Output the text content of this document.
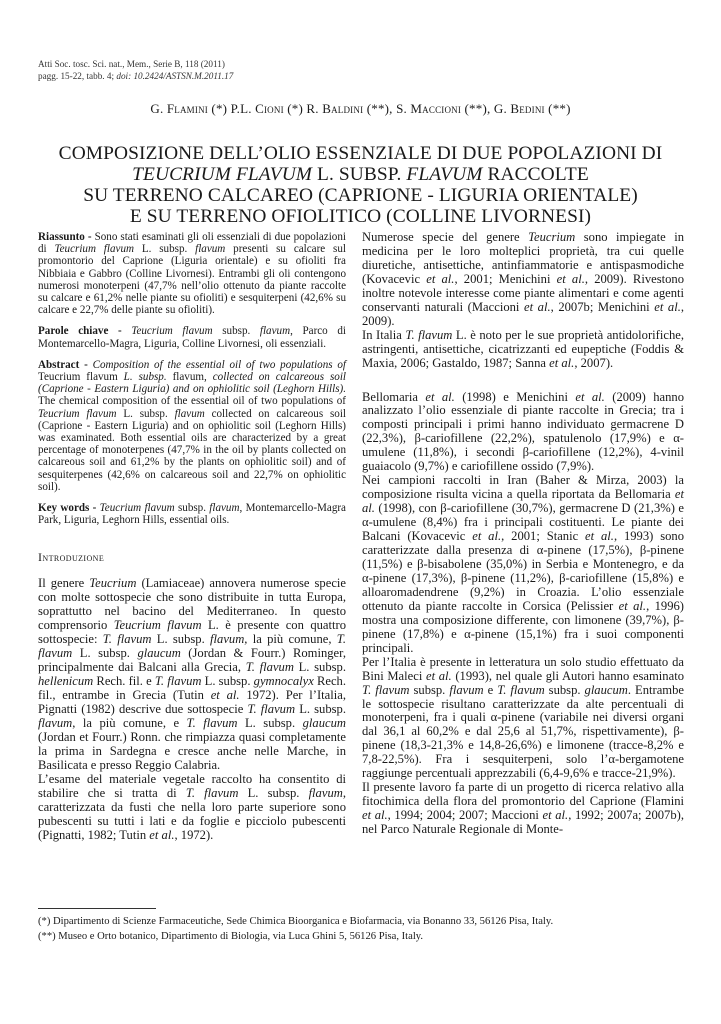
Atti Soc. tosc. Sci. nat., Mem., Serie B, 118 (2011)
pagg. 15-22, tabb. 4; doi: 10.2424/ASTSN.M.2011.17
G. Flamini (*) P.L. Cioni (*) R. Baldini (**), S. Maccioni (**), G. Bedini (**)
COMPOSIZIONE DELL’OLIO ESSENZIALE DI DUE POPOLAZIONI DI
TEUCRIUM FLAVUM L. SUBSP. FLAVUM RACCOLTE
SU TERRENO CALCAREO (CAPRIONE - LIGURIA ORIENTALE)
E SU TERRENO OFIOLITICO (COLLINE LIVORNESI)

Riassunto - Sono stati esaminati gli oli essenziali di due popolazioni di Teucrium flavum L. subsp. flavum presenti su calcare sul promontorio del Caprione (Liguria orientale) e su ofioliti fra Nibbiaia e Gabbro (Colline Livornesi). Entrambi gli oli contengono numerosi monoterpeni (47,7% nell’olio ottenuto da piante raccolte su calcare e 61,2% nelle piante su ofioliti) e sesquiterpeni (42,6% su calcare e 22,7% delle piante su ofioliti).

Parole chiave - Teucrium flavum subsp. flavum, Parco di Montemarcello-Magra, Liguria, Colline Livornesi, oli essenziali.

Abstract - Composition of the essential oil of two populations of Teucrium flavum L. subsp. flavum, collected on calcareous soil (Caprione - Eastern Liguria) and on ophiolitic soil (Leghorn Hills). The chemical composition of the essential oil of two populations of Teucrium flavum L. subsp. flavum collected on calcareous soil (Caprione - Eastern Liguria) and on ophiolitic soil (Leghorn Hills) was examinated. Both essential oils are characterized by a great percentage of monoterpenes (47,7% in the oil by plants collected on calcareous soil and 61,2% by the plants on ophiolitic soil) and of sesquiterpenes (42,6% on calcareous soil and 22,7% on ophiolitic soil).

Key words - Teucrium flavum subsp. flavum, Montemarcello-Magra Park, Liguria, Leghorn Hills, essential oils.

Introduzione

Il genere Teucrium (Lamiaceae) annovera numerose specie con molte sottospecie che sono distribuite in tutta Europa, soprattutto nel bacino del Mediterraneo. In questo comprensorio Teucrium flavum L. è presente con quattro sottospecie: T. flavum L. subsp. flavum, la più comune, T. flavum L. subsp. glaucum (Jordan & Fourr.) Rominger, principalmente dai Balcani alla Grecia, T. flavum L. subsp. hellenicum Rech. fil. e T. flavum L. subsp. gymnocalyx Rech. fil., entrambe in Grecia (Tutin et al. 1972). Per l’Italia, Pignatti (1982) descrive due sottospecie T. flavum L. subsp. flavum, la più comune, e T. flavum L. subsp. glaucum (Jordan et Fourr.) Ronn. che rimpiazza quasi completamente la prima in Sardegna e cresce anche nelle Marche, in Basilicata e presso Reggio Calabria.

L’esame del materiale vegetale raccolto ha consentito di stabilire che si tratta di T. flavum L. subsp. flavum, caratterizzata da fusti che nella loro parte superiore sono pubescenti su tutti i lati e da foglie e picciolo pubescenti (Pignatti, 1982; Tutin et al., 1972).

Numerose specie del genere Teucrium sono impiegate in medicina per le loro molteplici proprietà, tra cui quelle diuretiche, antisettiche, antinfiammatorie e antispasmodiche (Kovacevic et al., 2001; Menichini et al., 2009). Rivestono inoltre notevole interesse come piante alimentari e come agenti conservanti naturali (Maccioni et al., 2007b; Menichini et al., 2009).

In Italia T. flavum L. è noto per le sue proprietà antidolorifiche, astringenti, antisettiche, cicatrizzanti ed eupeptiche (Foddis & Maxia, 2006; Gastaldo, 1987; Sanna et al., 2007).

Bellomaria et al. (1998) e Menichini et al. (2009) hanno analizzato l’olio essenziale di piante raccolte in Grecia; tra i composti principali i primi hanno individuato germacrene D (22,3%), β-cariofillene (22,2%), spatulenolo (17,9%) e α-umulene (11,8%), i secondi β-cariofillene (12,2%), 4-vinil guaiacolo (9,7%) e cariofillene ossido (7,9%).

Nei campioni raccolti in Iran (Baher & Mirza, 2003) la composizione risulta vicina a quella riportata da Bellomaria et al. (1998), con β-cariofillene (30,7%), germacrene D (21,3%) e α-umulene (8,4%) fra i principali costituenti. Le piante dei Balcani (Kovacevic et al., 2001; Stanic et al., 1993) sono caratterizzate dalla presenza di α-pinene (17,5%), β-pinene (11,5%) e β-bisabolene (35,0%) in Serbia e Montenegro, e da α-pinene (17,3%), β-pinene (11,2%), β-cariofillene (15,8%) e alloaromadendrene (9,2%) in Croazia. L’olio essenziale ottenuto da piante raccolte in Corsica (Pelissier et al., 1996) mostra una composizione differente, con limonene (39,7%), β-pinene (17,8%) e α-pinene (15,1%) fra i suoi componenti principali.

Per l’Italia è presente in letteratura un solo studio effettuato da Bini Maleci et al. (1993), nel quale gli Autori hanno esaminato T. flavum subsp. flavum e T. flavum subsp. glaucum. Entrambe le sottospecie risultano caratterizzate da alte percentuali di monoterpeni, fra i quali α-pinene (variabile nei diversi organi dal 36,1 al 60,2% e dal 25,6 al 51,7%, rispettivamente), β-pinene (18,3-21,3% e 14,8-26,6%) e limonene (tracce-8,2% e 7,8-22,5%). Fra i sesquiterpeni, solo l’α-bergamotene raggiunge percentuali apprezzabili (6,4-9,6% e tracce-21,9%).

Il presente lavoro fa parte di un progetto di ricerca relativo alla fitochimica della flora del promontorio del Caprione (Flamini et al., 1994; 2004; 2007; Maccioni et al., 1992; 2007a; 2007b), nel Parco Naturale Regionale di Monte-

(*) Dipartimento di Scienze Farmaceutiche, Sede Chimica Bioorganica e Biofarmacia, via Bonanno 33, 56126 Pisa, Italy.
(**) Museo e Orto botanico, Dipartimento di Biologia, via Luca Ghini 5, 56126 Pisa, Italy.
